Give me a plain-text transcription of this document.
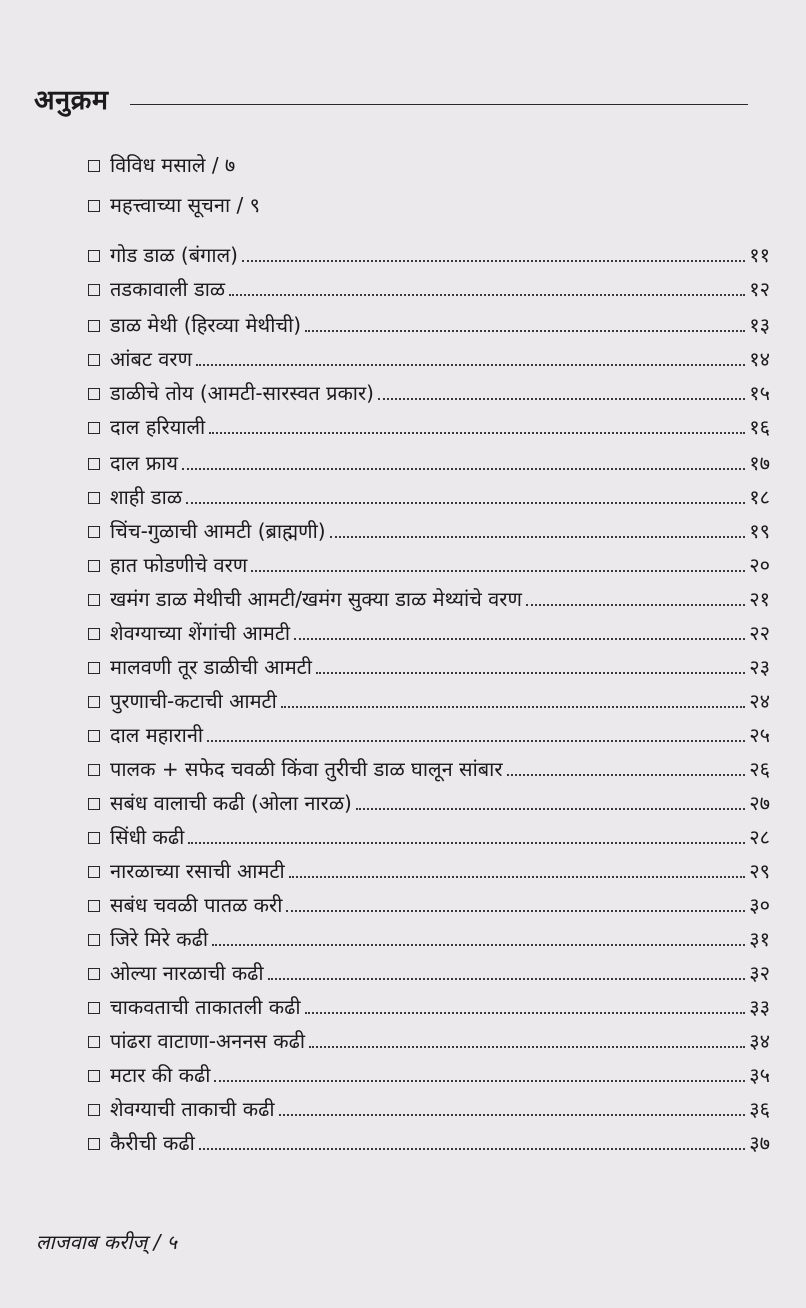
अनुक्रम
विविध मसाले / ७
महत्त्वाच्या सूचना / ९
गोड डाळ (बंगाल)	११
तडकावाली डाळ	१२
डाळ मेथी (हिरव्या मेथीची)	१३
आंबट वरण	१४
डाळीचे तोय (आमटी-सारस्वत प्रकार)	१५
दाल हरियाली	१६
दाल फ्राय	१७
शाही डाळ	१८
चिंच-गुळाची आमटी (ब्राह्मणी)	१९
हात फोडणीचे वरण	२०
खमंग डाळ मेथीची आमटी/खमंग सुक्या डाळ मेथ्यांचे वरण	२१
शेवग्याच्या शेंगांची आमटी	२२
मालवणी तूर डाळीची आमटी	२३
पुरणाची-कटाची आमटी	२४
दाल महारानी	२५
पालक + सफेद चवळी किंवा तुरीची डाळ घालून सांबार	२६
सबंध वालाची कढी (ओला नारळ)	२७
सिंधी कढी	२८
नारळाच्या रसाची आमटी	२९
सबंध चवळी पातळ करी	३०
जिरे मिरे कढी	३१
ओल्या नारळाची कढी	३२
चाकवताची ताकातली कढी	३३
पांढरा वाटाणा-अननस कढी	३४
मटार की कढी	३५
शेवग्याची ताकाची कढी	३६
कैरीची कढी	३७
लाजवाब करीज् / ५
